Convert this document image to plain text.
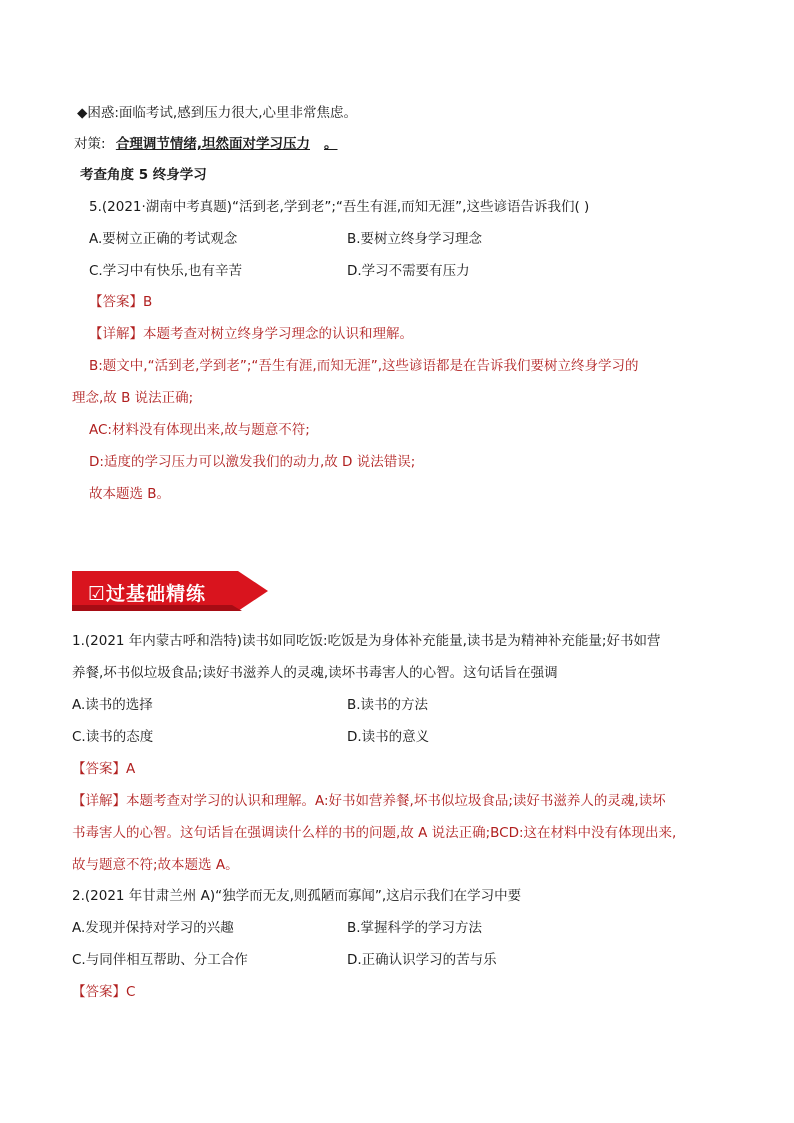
◆困惑:面临考试,感到压力很大,心里非常焦虑。
对策: 合理调节情绪,坦然面对学习压力 。
考查角度 5 终身学习
5.(2021·湖南中考真题)“活到老,学到老”;“吾生有涯,而知无涯”,这些谚语告诉我们( )
A.要树立正确的考试观念	B.要树立终身学习理念
C.学习中有快乐,也有辛苦	D.学习不需要有压力
【答案】B
【详解】本题考查对树立终身学习理念的认识和理解。
B:题文中,“活到老,学到老”;“吾生有涯,而知无涯”,这些谚语都是在告诉我们要树立终身学习的
理念,故 B 说法正确;
AC:材料没有体现出来,故与题意不符;
D:适度的学习压力可以激发我们的动力,故 D 说法错误;
故本题选 B。
☑过基础精练
1.(2021 年内蒙古呼和浩特)读书如同吃饭:吃饭是为身体补充能量,读书是为精神补充能量;好书如营
养餐,坏书似垃圾食品;读好书滋养人的灵魂,读坏书毒害人的心智。这句话旨在强调
A.读书的选择	B.读书的方法
C.读书的态度	D.读书的意义
【答案】A
【详解】本题考查对学习的认识和理解。A:好书如营养餐,坏书似垃圾食品;读好书滋养人的灵魂,读坏
书毒害人的心智。这句话旨在强调读什么样的书的问题,故 A 说法正确;BCD:这在材料中没有体现出来,
故与题意不符;故本题选 A。
2.(2021 年甘肃兰州 A)“独学而无友,则孤陋而寡闻”,这启示我们在学习中要
A.发现并保持对学习的兴趣	B.掌握科学的学习方法
C.与同伴相互帮助、分工合作	D.正确认识学习的苦与乐
【答案】C
